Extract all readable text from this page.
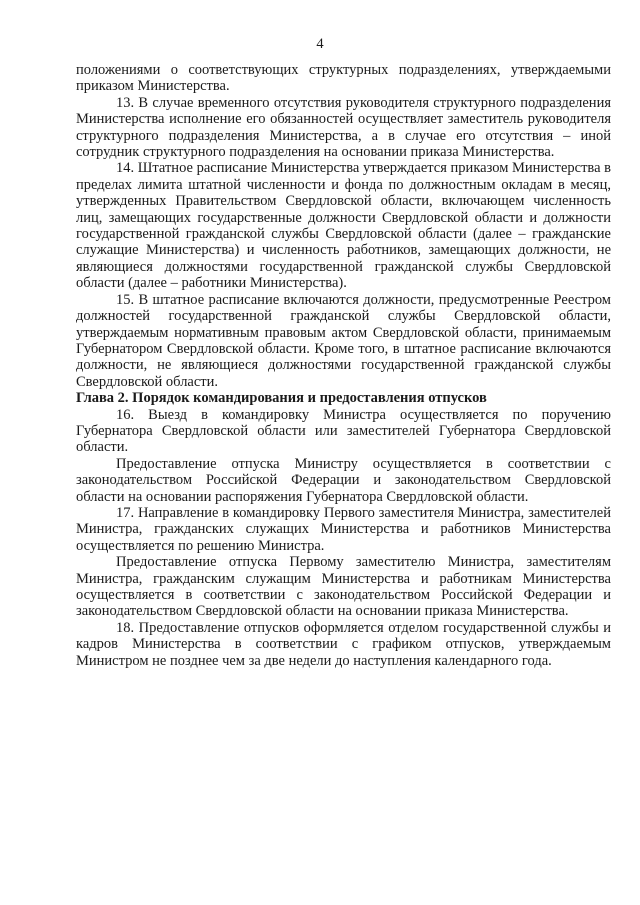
4

положениями о соответствующих структурных подразделениях, утверждаемыми приказом Министерства.

13. В случае временного отсутствия руководителя структурного подразделения Министерства исполнение его обязанностей осуществляет заместитель руководителя структурного подразделения Министерства, а в случае его отсутствия – иной сотрудник структурного подразделения на основании приказа Министерства.

14. Штатное расписание Министерства утверждается приказом Министерства в пределах лимита штатной численности и фонда по должностным окладам в месяц, утвержденных Правительством Свердловской области, включающем численность лиц, замещающих государственные должности Свердловской области и должности государственной гражданской службы Свердловской области (далее – гражданские служащие Министерства) и численность работников, замещающих должности, не являющиеся должностями государственной гражданской службы Свердловской области (далее – работники Министерства).

15. В штатное расписание включаются должности, предусмотренные Реестром должностей государственной гражданской службы Свердловской области, утверждаемым нормативным правовым актом Свердловской области, принимаемым Губернатором Свердловской области. Кроме того, в штатное расписание включаются должности, не являющиеся должностями государственной гражданской службы Свердловской области.

Глава 2. Порядок командирования и предоставления отпусков

16. Выезд в командировку Министра осуществляется по поручению Губернатора Свердловской области или заместителей Губернатора Свердловской области.

Предоставление отпуска Министру осуществляется в соответствии с законодательством Российской Федерации и законодательством Свердловской области на основании распоряжения Губернатора Свердловской области.

17. Направление в командировку Первого заместителя Министра, заместителей Министра, гражданских служащих Министерства и работников Министерства осуществляется по решению Министра.

Предоставление отпуска Первому заместителю Министра, заместителям Министра, гражданским служащим Министерства и работникам Министерства осуществляется в соответствии с законодательством Российской Федерации и законодательством Свердловской области на основании приказа Министерства.

18. Предоставление отпусков оформляется отделом государственной службы и кадров Министерства в соответствии с графиком отпусков, утверждаемым Министром не позднее чем за две недели до наступления календарного года.
